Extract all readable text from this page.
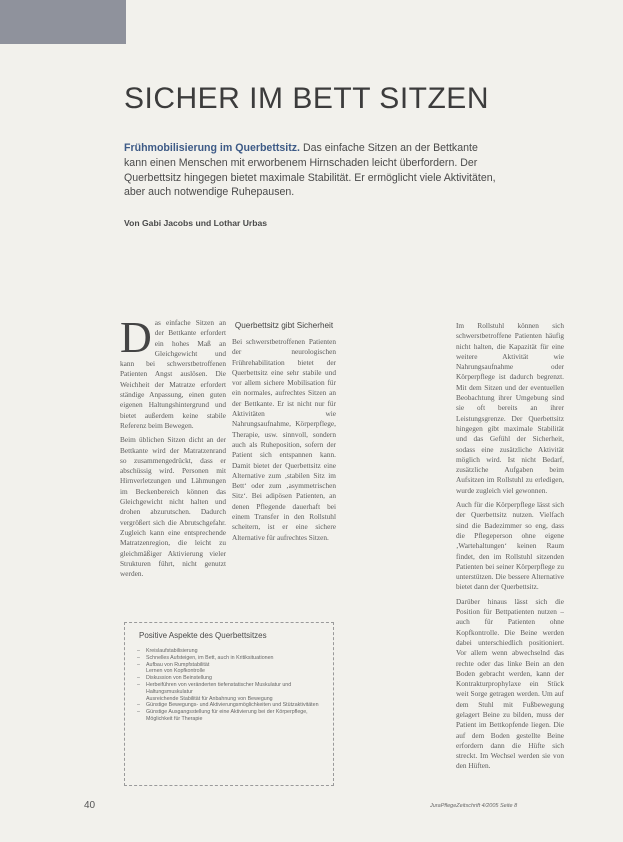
SICHER IM BETT SITZEN

Frühmobilisierung im Querbettsitz. Das einfache Sitzen an der Bettkante kann einen Menschen mit erworbenem Hirnschaden leicht überfordern. Der Querbettsitz hingegen bietet maximale Stabilität. Er ermöglicht viele Aktivitäten, aber auch notwendige Ruhepausen.

Von Gabi Jacobs und Lothar Urbas

Das einfache Sitzen an der Bettkante erfordert ein hohes Maß an Gleichgewicht und kann bei schwerstbetroffenen Patienten Angst auslösen. Die Weichheit der Matratze erfordert ständige Anpassung, einen guten eigenen Haltungshintergrund und bietet außerdem keine stabile Referenz beim Bewegen.

Beim üblichen Sitzen dicht an der Bettkante wird der Matratzenrand so zusammengedrückt, dass er abschüssig wird. Personen mit Hirnverletzungen und Lähmungen im Beckenbereich können das Gleichgewicht nicht halten und drohen abzurutschen. Dadurch vergrößert sich die Abrutschgefahr. Zugleich kann eine entsprechende Matratzenregion, die leicht zu gleichmäßiger Aktivierung vieler Strukturen führt, nicht genutzt werden.

Querbettsitz gibt Sicherheit

Bei schwerstbetroffenen Patienten der neurologischen Frührehabilitation bietet der Querbettsitz eine sehr stabile und vor allem sichere Mobilisation für ein normales, aufrechtes Sitzen an der Bettkante. Er ist nicht nur für Aktivitäten wie Nahrungsaufnahme, Körperpflege, Therapie, usw. sinnvoll, sondern auch als Ruheposition, sofern der Patient sich entspannen kann. Damit bietet der Querbettsitz eine Alternative zum ‚stabilen Sitz im Bett‘ oder zum ‚asymmetrischen Sitz‘. Bei adipösen Patienten, an denen Pflegende dauerhaft bei einem Transfer in den Rollstuhl scheitern, ist er eine sichere Alternative für aufrechtes Sitzen.

Im Rollstuhl können sich schwerstbetroffene Patienten häufig nicht halten, die Kapazität für eine weitere Aktivität wie Nahrungsaufnahme oder Körperpflege ist dadurch begrenzt. Mit dem Sitzen und der eventuellen Beobachtung ihrer Umgebung sind sie oft bereits an ihrer Leistungsgrenze. Der Querbettsitz hingegen gibt maximale Stabilität und das Gefühl der Sicherheit, sodass eine zusätzliche Aktivität möglich wird. Ist nicht Bedarf, zusätzliche Aufgaben beim Aufsitzen im Rollstuhl zu erledigen, wurde zugleich viel gewonnen.

Auch für die Körperpflege lässt sich der Querbettsitz nutzen. Vielfach sind die Badezimmer so eng, dass die Pflegeperson ohne eigene ‚Wartehaltungen‘ keinen Raum findet, den im Rollstuhl sitzenden Patienten bei seiner Körperpflege zu unterstützen. Die bessere Alternative bietet dann der Querbettsitz.

Darüber hinaus lässt sich die Position für Bettpatienten nutzen – auch für Patienten ohne Kopfkontrolle. Die Beine werden dabei unterschiedlich positioniert. Vor allem wenn abwechselnd das rechte oder das linke Bein an den Boden gebracht werden, kann der Kontrakturprophylaxe ein Stück weit Sorge getragen werden. Um auf dem Stuhl mit Fußbewegung gelagert Beine zu bilden, muss der Patient im Bettkopfende liegen. Die auf dem Boden gestellte Beine erfordern dann die Hüfte sich streckt. Im Wechsel werden sie von den Hüften.

Positive Aspekte des Querbettsitzes

– Kreislaufstabilisierung
– Schnelles Aufsteigen, im Bett, auch in Kritiksituationen
– Aufbau von Rumpfstabilität
Lernen von Kopfkontrolle
– Diskussion von Beinstellung
– Herbeiführen von veränderten tiefenstatischer Muskulatur und Haltungsmuskulatur
Ausreichende Stabilität für Anbahnung von Bewegung
– Günstige Bewegungs- und Aktivierungsmöglichkeiten und Stützaktivitäten
– Günstige Ausgangsstellung für eine Aktivierung bei der Körperpflege, Möglichkeit für Therapie
40	JuraPflegeZeitschrift 4/2005 Seite 8
